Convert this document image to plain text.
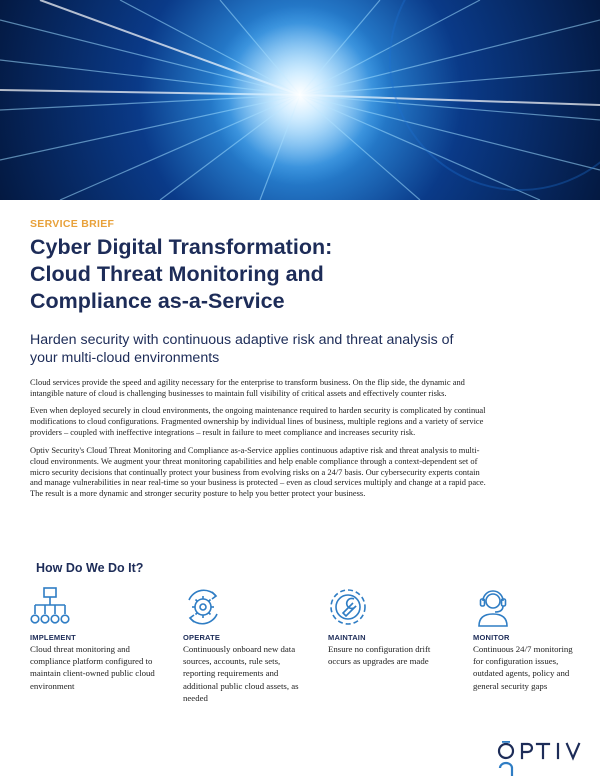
SERVICE BRIEF
Cyber Digital Transformation:
Cloud Threat Monitoring and
Compliance as-a-Service

Harden security with continuous adaptive risk and threat analysis of
your multi-cloud environments

Cloud services provide the speed and agility necessary for the enterprise to transform business. On the flip side, the dynamic and intangible nature of cloud is challenging businesses to maintain full visibility of critical assets and effectively counter risks.

Even when deployed securely in cloud environments, the ongoing maintenance required to harden security is complicated by continual modifications to cloud configurations. Fragmented ownership by individual lines of business, multiple regions and a variety of service providers – coupled with ineffective integrations – result in failure to meet compliance and increases security risk.

Optiv Security's Cloud Threat Monitoring and Compliance as-a-Service applies continuous adaptive risk and threat analysis to multi-cloud environments. We augment your threat monitoring capabilities and help enable compliance through a context-dependent set of micro security decisions that continually protect your business from evolving risks on a 24/7 basis. Our cybersecurity experts contain and manage vulnerabilities in near real-time so your business is protected – even as cloud services multiply and change at a rapid pace. The result is a more dynamic and stronger security posture to help you better protect your business.

How Do We Do It?
IMPLEMENT
Cloud threat monitoring and compliance platform configured to maintain client-owned public cloud environment
OPERATE
Continuously onboard new data sources, accounts, rule sets, reporting requirements and additional public cloud assets, as needed
MAINTAIN
Ensure no configuration drift occurs as upgrades are made
MONITOR
Continuous 24/7 monitoring for configuration issues, outdated agents, policy and general security gaps
